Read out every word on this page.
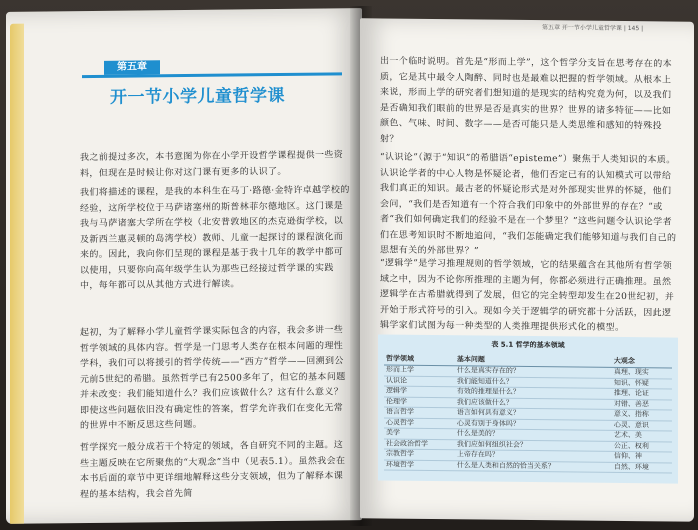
第五章
开一节小学儿童哲学课
我之前提过多次，本书意图为你在小学开设哲学课程提供一些资料，但现在是时候让你对这门课有更多的认识了。
我们将描述的课程，是我的本科生在马丁·路德·金特许卓越学校的经验，这所学校位于马萨诸塞州的斯普林菲尔德地区。这门课是我与马萨诸塞大学所在学校（北安普敦地区的杰克逊街学校，以及新西兰惠灵顿的岛湾学校）教师、儿童一起探讨的课程演化而来的。因此，我向你们呈现的课程是基于我十几年的教学中都可以使用，只要你向高年级学生认为那些已经接过哲学课的实践中，每年都可以从其他方式进行解读。
起初，为了解释小学儿童哲学课实际包含的内容，我会多讲一些哲学领域的具体内容。哲学是一门思考人类存在根本问题的理性学科，我们可以将援引的哲学传统——“西方”哲学——回溯到公元前5世纪的希腊。虽然哲学已有2500多年了，但它的基本问题并未改变：我们能知道什么？我们应该做什么？这有什么意义？即使这些问题依旧没有确定性的答案，哲学允许我们在变化无常的世界中不断反思这些问题。
哲学探究一般分成若干个特定的领域，各自研究不同的主题。这些主题反映在它所聚焦的“大观念”当中（见表5.1）。虽然我会在本书后面的章节中更详细地解释这些分支领域，但为了解释本课程的基本结构，我会首先简
第五章 开一节小学儿童哲学课 | 145 |
出一个临时说明。首先是“形而上学”，这个哲学分支旨在思考存在的本质，它是其中最令人陶醉、同时也是最难以把握的哲学领域。从根本上来说，形而上学的研究者们想知道的是现实的结构究竟为何，以及我们是否确知我们眼前的世界是否是真实的世界？世界的诸多特征——比如颜色、气味、时间、数字——是否可能只是人类思维和感知的特殊投射？
“认识论”（源于“知识”的希腊语“episteme”）聚焦于人类知识的本质。认识论学者的中心人物是怀疑论者，他们否定已有的认知模式可以带给我们真正的知识。最古老的怀疑论形式是对外部现实世界的怀疑，他们会问，“我们是否知道有一个符合我们印象中的外部世界的存在？”或者“我们如何确定我们的经验不是在一个梦里？”这些问题令认识论学者们在思考知识时不断地追问，“我们怎能确定我们能够知道与我们自己的思想有关的外部世界？”
“逻辑学”是学习推理规则的哲学领域，它的结果蕴含在其他所有哲学领域之中，因为不论你所推理的主题为何，你都必须进行正确推理。虽然逻辑学在古希腊就得到了发展，但它的完全转型却发生在20世纪初，并开始于形式符号的引入。现如今关于逻辑学的研究都十分活跃，因此逻辑学家们试图为每一种类型的人类推理提供形式化的模型。
表 5.1 哲学的基本领域
哲学领域	基本问题	大观念
形而上学	什么是真实存在的？	真理、现实
认识论	我们能知道什么？	知识、怀疑
逻辑学	有效的推理是什么？	推理、论证
伦理学	我们应该做什么？	对错、善恶
语言哲学	语言如何具有意义？	意义、指称
心灵哲学	心灵有别于身体吗？	心灵、意识
美学	什么是美的？	艺术、美
社会政治哲学	我们应如何组织社会？	公正、权利
宗教哲学	上帝存在吗？	信仰、神
环境哲学	什么是人类和自然的恰当关系？	自然、环境
